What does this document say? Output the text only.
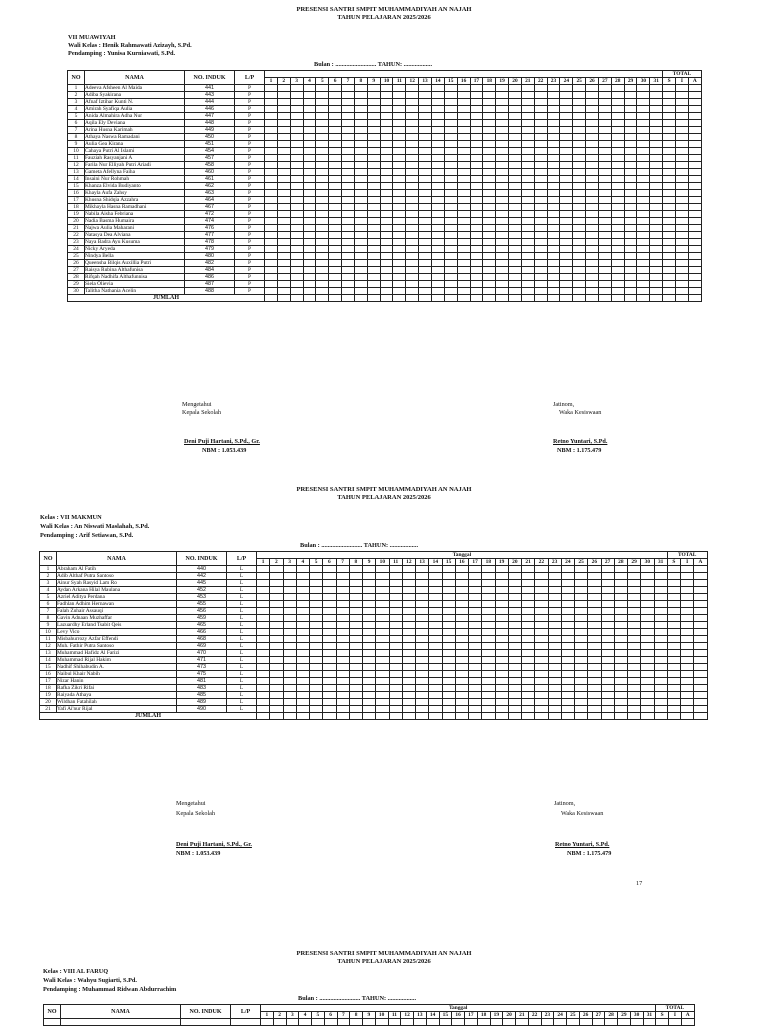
PRESENSI SANTRI SMPIT MUHAMMADIYAH AN NAJAH
TAHUN PELAJARAN 2025/2026
VII MUAWIYAH
Wali Kelas : Henik Rahmawati Azizayh, S.Pd.
Pendamping : Yunisa Kurniawati, S.Pd.
Bulan : .......................... TAHUN: ..................
NO	NAMA	NO. INDUK	L/P																																TOTAL		
				1	2	3	4	5	6	7	8	9	10	11	12	13	14	15	16	17	18	19	20	21	22	23	24	25	26	27	28	29	30	31	S	I	A
1	Adeeva Afsheen Al Maida	441	P																																		
2	Adiba Syakirana	443	P																																		
3	Afnaf Iztihar Kunti N.	444	P																																		
4	Amirah Syafiqa Aulia	446	P																																		
5	Anida Almahira Adha Nur	447	P																																		
6	Aqila Ely Deviana	448	P																																		
7	Arina Husna Karimah	449	P																																		
8	Athaya Naswa Ramadani	450	P																																		
9	Aulia Gea Kirana	451	P																																		
10	Cahaya Putri Al Islami	454	P																																		
11	Fauziah Rasyanjani A	457	P																																		
12	Farila Nur Elliyah Putri Ariadi	458	P																																		
13	Gameta Afellyna Faiha	460	P																																		
14	Insaini Nur Rohmah	461	P																																		
15	Khanza Elvida Budiyanto	462	P																																		
16	Khayla Aufa Zahsy	463	P																																		
17	Khusna Shidqia Azzahra	464	P																																		
18	Mikhayla Hasna Ramadhani	467	P																																		
19	Nabila Aisha Febriana	472	P																																		
20	Nadia Basma Humaira	474	P																																		
21	Najwa Aulia Maharani	476	P																																		
22	Natasya Dea Alviana	477	P																																		
23	Naya Badra Ayu Kusuma	478	P																																		
24	Nicky Aryeda	479	P																																		
25	Nindya Bella	480	P																																		
26	Queensha Bilqis Auxillia Putri	482	P																																		
27	Raisya Rubina Althafunisa	484	P																																		
28	Rifqah Nadhifa Althafunnisa	486	P																																		
29	Siela Olievia	487	P																																		
30	Talitha Nathania Acelin	488	P																																		
JUMLAH																																					
Mengetahui
Kepala Sekolah
Deni Puji Hartani, S.Pd., Gr.
NBM : 1.053.439
Jatinom,
Waka Kesiswaan
Retno Yuntari, S.Pd.
NBM : 1.175.479
PRESENSI SANTRI SMPIT MUHAMMADIYAH AN NAJAH
TAHUN PELAJARAN 2025/2026
Kelas : VII MAKMUN
Wali Kelas : An Niswati Maslahah, S.Pd.
Pendamping : Arif Setiawan, S.Pd.
Bulan : .......................... TAHUN: ..................
NO	NAMA	NO. INDUK	L/P	Tanggal																															TOTAL		
				1	2	3	4	5	6	7	8	9	10	11	12	13	14	15	16	17	18	19	20	21	22	23	24	25	26	27	28	29	30	31	S	I	A
1	Abraham Al Fatih	440	L																																		
2	Adib Althaf Putra Santoso	442	L																																		
3	Ainur Syah Rasyid Lam Ro	445	L																																		
4	Aydan Arkana Hilal Maulana	452	L																																		
5	Azriel Aditya Perdana	453	L																																		
6	Fadhlan Adhim Hernawan	455	L																																		
7	Falah Zuhair Assauqi	456	L																																		
8	Gavin Adnaan Muzhaffar	459	L																																		
9	Lazuardhy Erland Tsabit Qeis	465	L																																		
10	Levy Vico	466	L																																		
11	Misbahurrozy Azfar Effendi	468	L																																		
12	Muh. Fathir Putra Santoso	469	L																																		
13	Muhammad Hafidz Al Farizi	470	L																																		
14	Muhammad Rijal Hakim	471	L																																		
15	Nadhif Shihabudin A.	473	L																																		
16	Naibul Khair Nabih	475	L																																		
17	Nizar Hanin	481	L																																		
18	Rafka Zikri Rifai	483	L																																		
19	Raiyada Athaya	485	L																																		
20	Wildhan Fatahilah	489	L																																		
21	Yafi Ai'nur Rijal	490	L																																		
JUMLAH																																					
Mengetahui
Kepala Sekolah
Deni Puji Hartani, S.Pd., Gr.
NBM : 1.053.439
Jatinom,
Waka Kesiswaan
Retno Yuntari, S.Pd.
NBM : 1.175.479
17
PRESENSI SANTRI SMPIT MUHAMMADIYAH AN NAJAH
TAHUN PELAJARAN 2025/2026
Kelas : VIII AL FARUQ
Wali Kelas : Wahyu Sugiarti, S.Pd.
Pendamping : Muhammad Ridwan Abdurrachim
Bulan : .......................... TAHUN: ..................
NO	NAMA	NO. INDUK	L/P	Tanggal																															TOTAL		
				1	2	3	4	5	6	7	8	9	10	11	12	13	14	15	16	17	18	19	20	21	22	23	24	25	26	27	28	29	30	31	S	I	A
